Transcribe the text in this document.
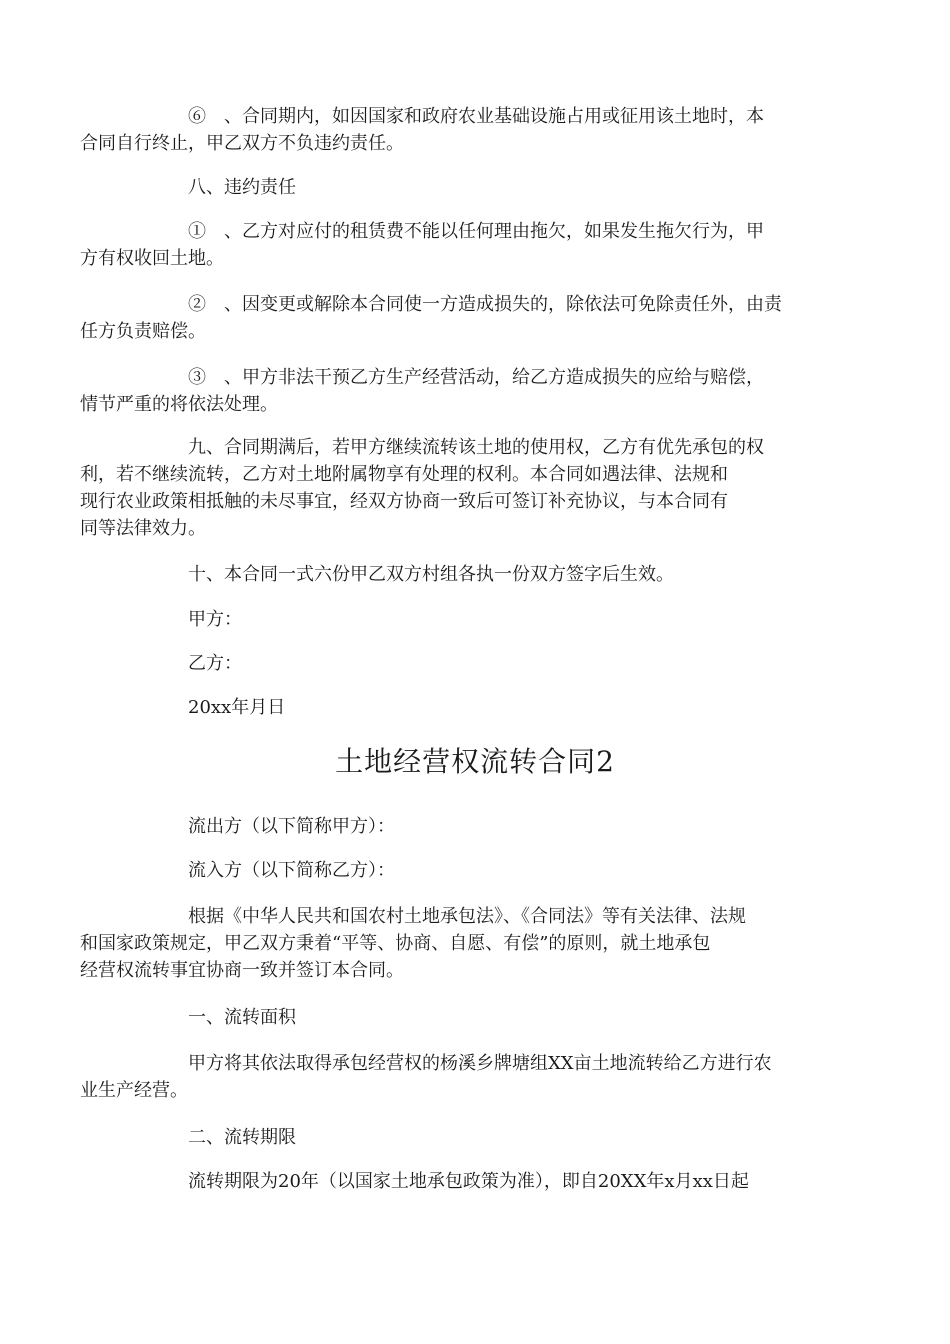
⑥　、合同期内，如因国家和政府农业基础设施占用或征用该土地时，本
合同自行终止，甲乙双方不负违约责任。

八、违约责任

①　、乙方对应付的租赁费不能以任何理由拖欠，如果发生拖欠行为，甲
方有权收回土地。

②　、因变更或解除本合同使一方造成损失的，除依法可免除责任外，由责
任方负责赔偿。

③　、甲方非法干预乙方生产经营活动，给乙方造成损失的应给与赔偿，
情节严重的将依法处理。

九、合同期满后，若甲方继续流转该土地的使用权，乙方有优先承包的权
利，若不继续流转，乙方对土地附属物享有处理的权利。本合同如遇法律、法规和
现行农业政策相抵触的未尽事宜，经双方协商一致后可签订补充协议，与本合同有
同等法律效力。

十、本合同一式六份甲乙双方村组各执一份双方签字后生效。

甲方：

乙方：

20xx年月日

土地经营权流转合同2

流出方（以下简称甲方）：

流入方（以下简称乙方）：

根据《中华人民共和国农村土地承包法》、《合同法》等有关法律、法规
和国家政策规定，甲乙双方秉着“平等、协商、自愿、有偿”的原则，就土地承包
经营权流转事宜协商一致并签订本合同。

一、流转面积

甲方将其依法取得承包经营权的杨溪乡牌塘组XX亩土地流转给乙方进行农
业生产经营。

二、流转期限

流转期限为20年（以国家土地承包政策为准），即自20XX年x月xx日起
